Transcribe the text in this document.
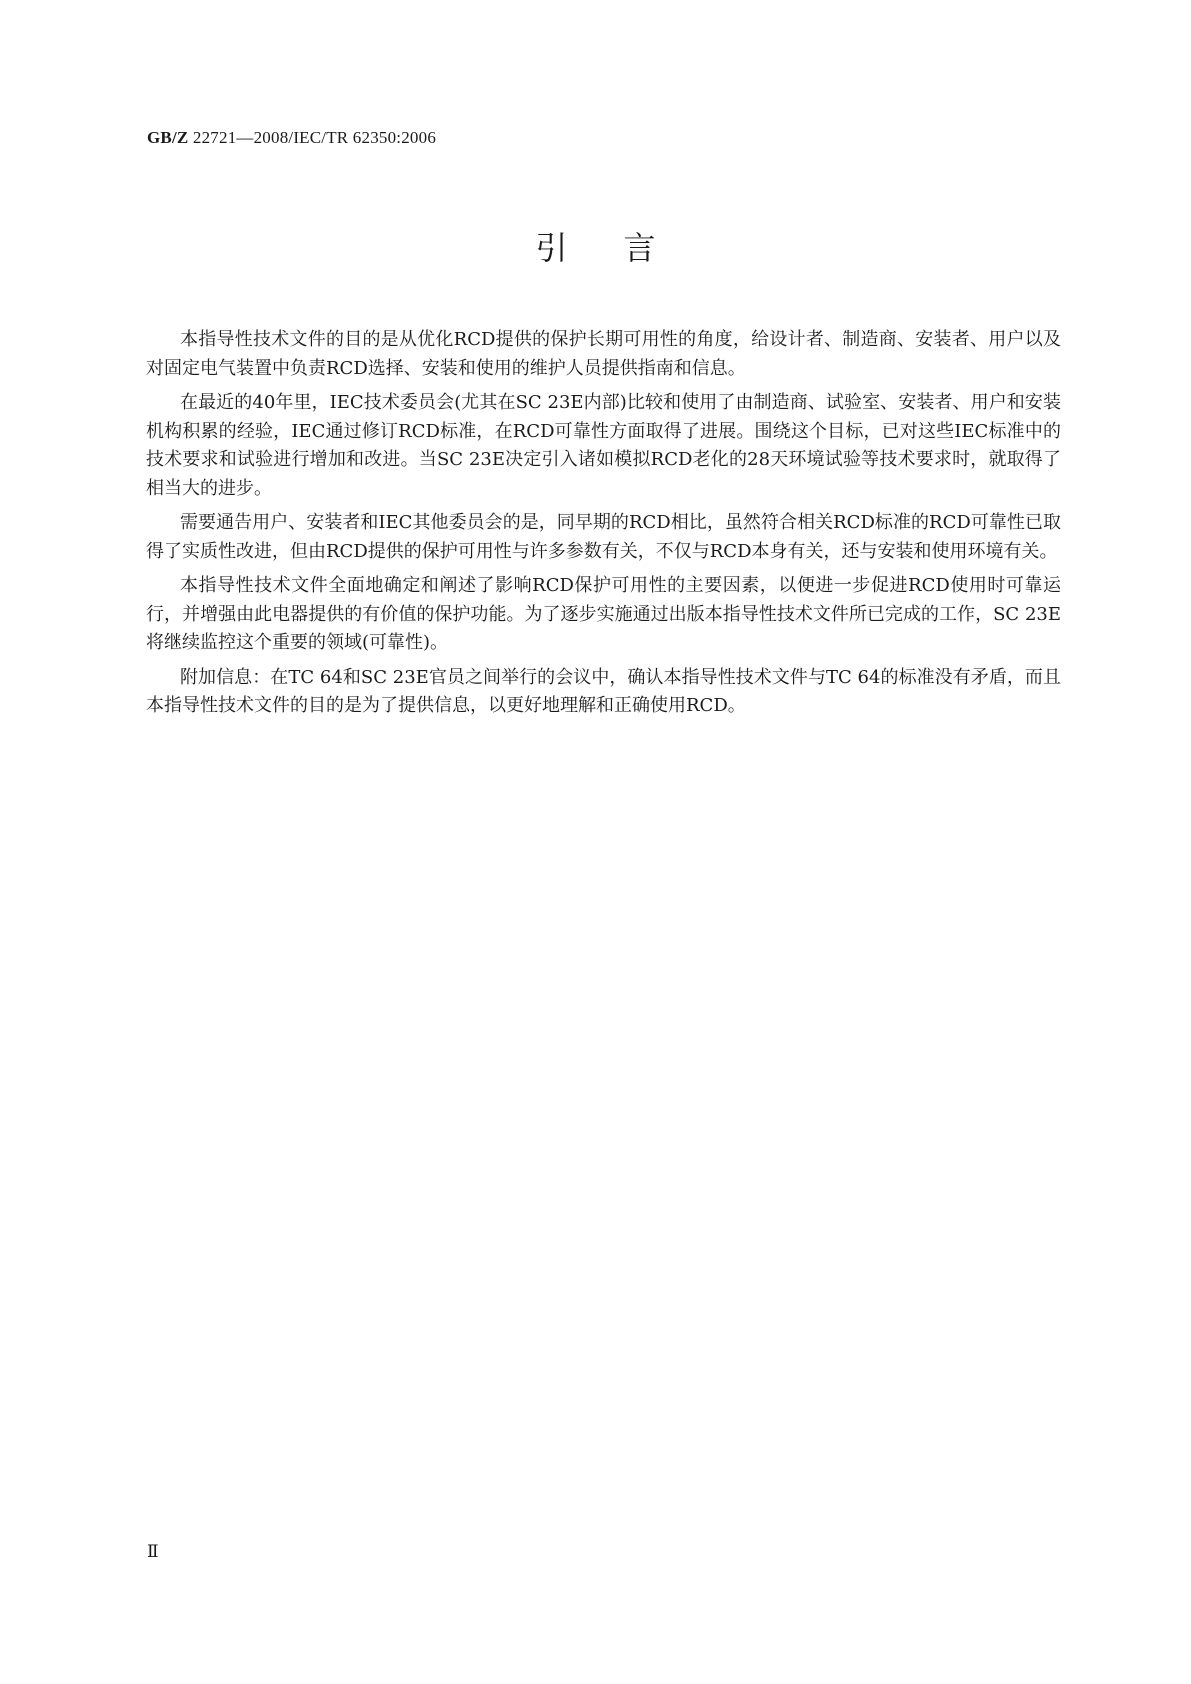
GB/Z 22721—2008/IEC/TR 62350:2006
引言

本指导性技术文件的目的是从优化RCD提供的保护长期可用性的角度，给设计者、制造商、安装者、用户以及对固定电气装置中负责RCD选择、安装和使用的维护人员提供指南和信息。

在最近的40年里，IEC技术委员会(尤其在SC 23E内部)比较和使用了由制造商、试验室、安装者、用户和安装机构积累的经验，IEC通过修订RCD标准，在RCD可靠性方面取得了进展。围绕这个目标，已对这些IEC标准中的技术要求和试验进行增加和改进。当SC 23E决定引入诸如模拟RCD老化的28天环境试验等技术要求时，就取得了相当大的进步。

需要通告用户、安装者和IEC其他委员会的是，同早期的RCD相比，虽然符合相关RCD标准的RCD可靠性已取得了实质性改进，但由RCD提供的保护可用性与许多参数有关，不仅与RCD本身有关，还与安装和使用环境有关。

本指导性技术文件全面地确定和阐述了影响RCD保护可用性的主要因素，以便进一步促进RCD使用时可靠运行，并增强由此电器提供的有价值的保护功能。为了逐步实施通过出版本指导性技术文件所已完成的工作，SC 23E将继续监控这个重要的领域(可靠性)。

附加信息：在TC 64和SC 23E官员之间举行的会议中，确认本指导性技术文件与TC 64的标准没有矛盾，而且本指导性技术文件的目的是为了提供信息，以更好地理解和正确使用RCD。

Ⅱ
